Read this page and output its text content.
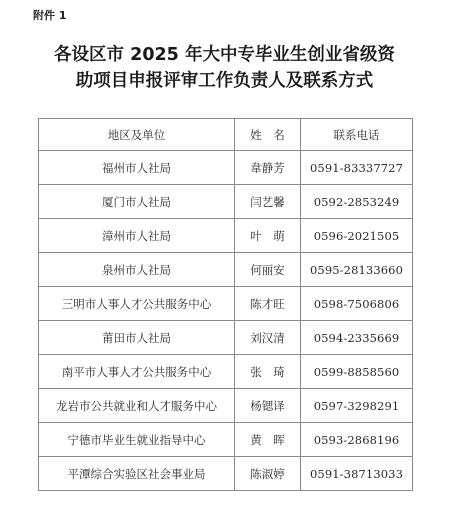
附件 1
各设区市 2025 年大中专毕业生创业省级资
助项目申报评审工作负责人及联系方式
地区及单位	姓　名	联系电话
福州市人社局	韋静芳	0591-83337727
厦门市人社局	闫艺馨	0592-2853249
漳州市人社局	叶　萌	0596-2021505
泉州市人社局	何丽安	0595-28133660
三明市人事人才公共服务中心	陈才旺	0598-7506806
莆田市人社局	刘汉清	0594-2335669
南平市人事人才公共服务中心	张　琦	0599-8858560
龙岩市公共就业和人才服务中心	杨锶译	0597-3298291
宁德市毕业生就业指导中心	黄　晖	0593-2868196
平潭综合实验区社会事业局	陈淑婷	0591-38713033
